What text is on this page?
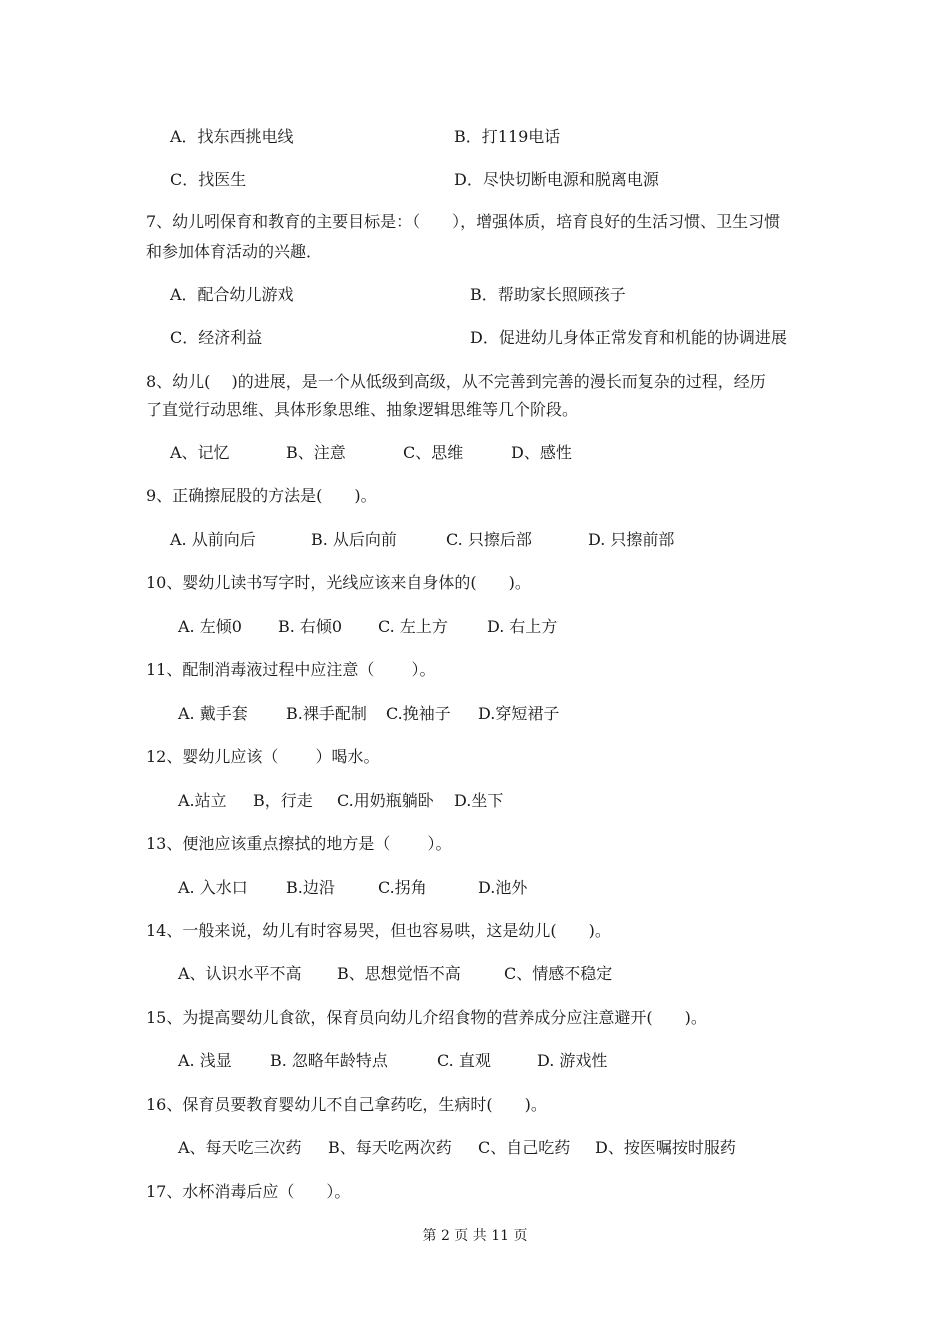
A．找东西挑电线	B．打119电话
C．找医生	D．尽快切断电源和脱离电源
7、幼儿吲保育和教育的主要目标是：（　　），增强体质，培育良好的生活习惯、卫生习惯
和参加体育活动的兴趣．
A．配合幼儿游戏	B．帮助家长照顾孩子
C．经济利益	D．促进幼儿身体正常发育和机能的协调进展
8、幼儿(　 )的进展，是一个从低级到高级，从不完善到完善的漫长而复杂的过程，经历
了直觉行动思维、具体形象思维、抽象逻辑思维等几个阶段。
A、记忆	B、注意	C、思维	D、感性
9、正确擦屁股的方法是(　　)。
A. 从前向后	B. 从后向前	C. 只擦后部	D. 只擦前部
10、婴幼儿读书写字时，光线应该来自身体的(　　)。
A. 左倾0 B. 右倾0 C. 左上方 D. 右上方
11、配制消毒液过程中应注意（　　 ）。
A. 戴手套 B.裸手配制 C.挽袖子 D.穿短裙子
12、婴幼儿应该（　　 ）喝水。
A.站立 B，行走 C.用奶瓶躺卧 D.坐下
13、便池应该重点擦拭的地方是（　　 ）。
A. 入水口 B.边沿	C.拐角	D.池外
14、一般来说，幼儿有时容易哭，但也容易哄，这是幼儿(　　)。
A、认识水平不高 B、思想觉悟不高	C、情感不稳定
15、为提高婴幼儿食欲，保育员向幼儿介绍食物的营养成分应注意避开(　　)。
A. 浅显 B. 忽略年龄特点	C. 直观	D. 游戏性
16、保育员要教育婴幼儿不自己拿药吃，生病时(　　)。
A、每天吃三次药 B、每天吃两次药 C、自己吃药 D、按医嘱按时服药
17、水杯消毒后应（　　）。
第 2 页 共 11 页
